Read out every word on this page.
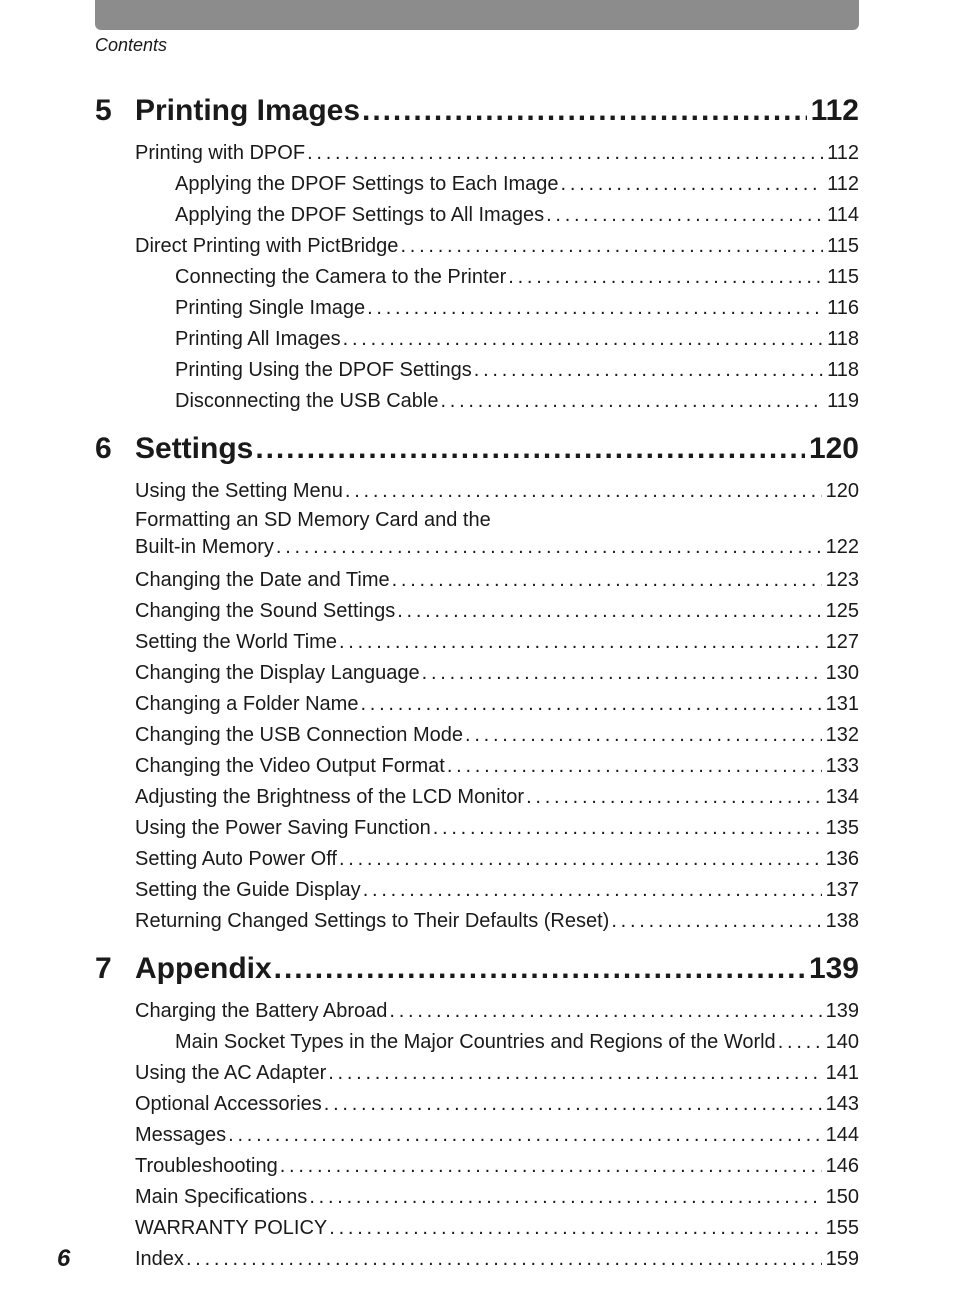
Contents
5 Printing Images . . .	112
Printing with DPOF . . .	112
Applying the DPOF Settings to Each Image . . .	112
Applying the DPOF Settings to All Images . . .	114
Direct Printing with PictBridge . . .	115
Connecting the Camera to the Printer . . .	115
Printing Single Image . . .	116
Printing All Images . . .	118
Printing Using the DPOF Settings . . .	118
Disconnecting the USB Cable . . .	119
6 Settings . . .	120
Using the Setting Menu . . .	120
Formatting an SD Memory Card and the
Built-in Memory . . .	122
Changing the Date and Time . . .	123
Changing the Sound Settings . . .	125
Setting the World Time . . .	127
Changing the Display Language . . .	130
Changing a Folder Name . . .	131
Changing the USB Connection Mode . . .	132
Changing the Video Output Format . . .	133
Adjusting the Brightness of the LCD Monitor . . .	134
Using the Power Saving Function . . .	135
Setting Auto Power Off . . .	136
Setting the Guide Display . . .	137
Returning Changed Settings to Their Defaults (Reset) . . .	138
7 Appendix . . .	139
Charging the Battery Abroad . . .	139
Main Socket Types in the Major Countries and Regions of the World . . . 140
Using the AC Adapter . . .	141
Optional Accessories . . .	143
Messages . . .	144
Troubleshooting . . .	146
Main Specifications . . .	150
WARRANTY POLICY . . .	155
Index . . .	159
6
